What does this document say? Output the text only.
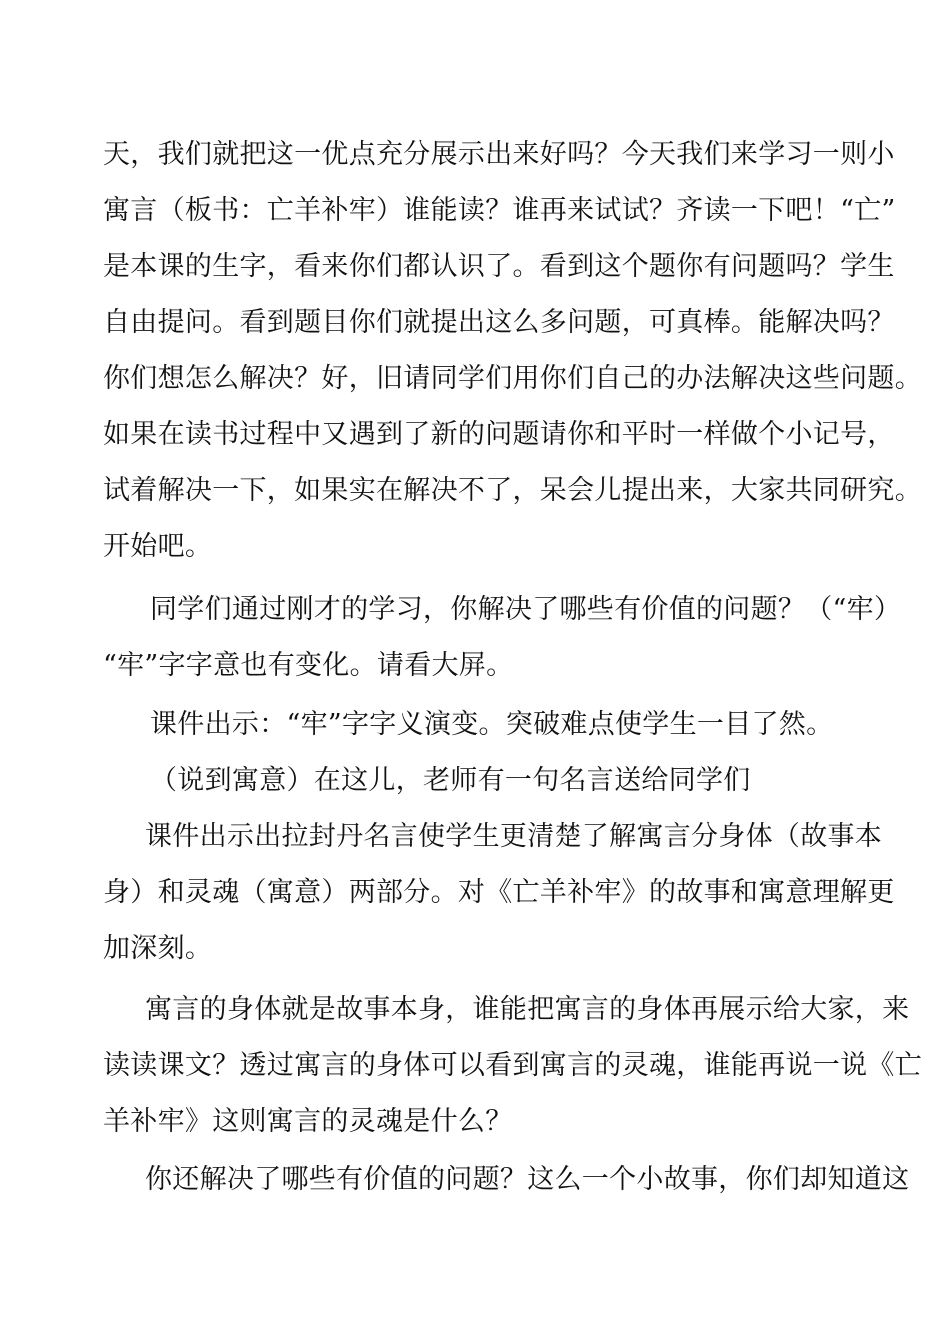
天，我们就把这一优点充分展示出来好吗？今天我们来学习一则小
寓言（板书：亡羊补牢）谁能读？谁再来试试？齐读一下吧！“亡”
是本课的生字，看来你们都认识了。看到这个题你有问题吗？学生
自由提问。看到题目你们就提出这么多问题，可真棒。能解决吗？
你们想怎么解决？好，旧请同学们用你们自己的办法解决这些问题。
如果在读书过程中又遇到了新的问题请你和平时一样做个小记号，
试着解决一下，如果实在解决不了，呆会儿提出来，大家共同研究。
开始吧。
同学们通过刚才的学习，你解决了哪些有价值的问题？（“牢）
“牢”字字意也有变化。请看大屏。
课件出示：“牢”字字义演变。突破难点使学生一目了然。
（说到寓意）在这儿，老师有一句名言送给同学们
课件出示出拉封丹名言使学生更清楚了解寓言分身体（故事本
身）和灵魂（寓意）两部分。对《亡羊补牢》的故事和寓意理解更
加深刻。
寓言的身体就是故事本身，谁能把寓言的身体再展示给大家，来
读读课文？透过寓言的身体可以看到寓言的灵魂，谁能再说一说《亡
羊补牢》这则寓言的灵魂是什么？
你还解决了哪些有价值的问题？这么一个小故事，你们却知道这
